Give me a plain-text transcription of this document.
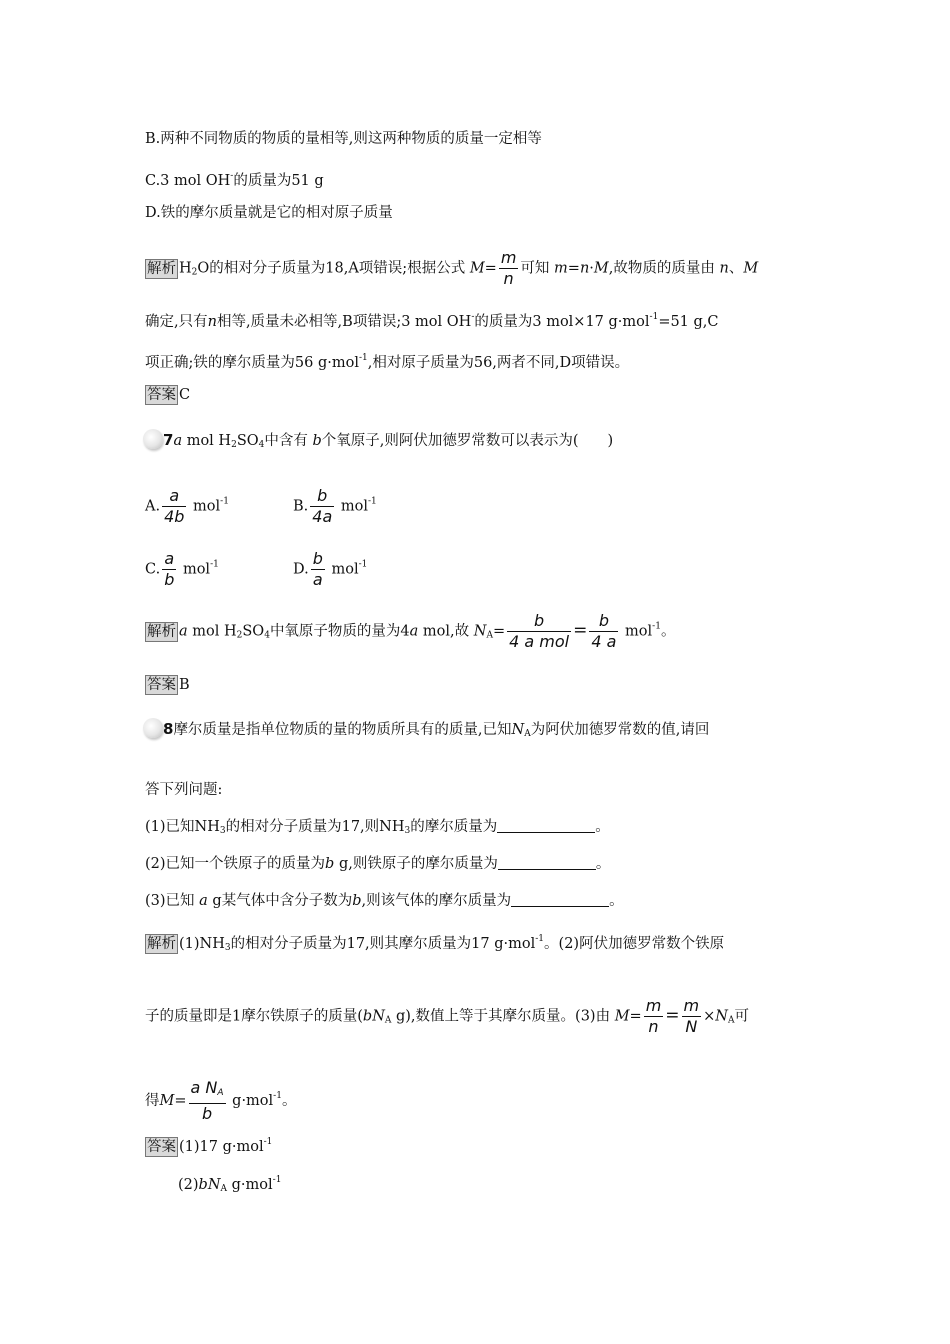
B.两种不同物质的物质的量相等,则这两种物质的质量一定相等
C.3 mol OH-的质量为51 g
D.铁的摩尔质量就是它的相对原子质量
解析 $H_2O$的相对分子质量为18,A项错误;根据公式 $M= \frac{m}{n}$ 可知 m=n·M,故物质的质量由 n、M
确定,只有n相等,质量未必相等,B项错误;3 mol OH-的质量为3 mol×17 g·mol$^{-1}$=51 g,C
项正确;铁的摩尔质量为56 g·mol$^{-1}$,相对原子质量为56,两者不同,D项错误。
答案 C
7a mol $H_2SO_4$中含有 b个氧原子,则阿伏加德罗常数可以表示为(　　)
A. $\frac{a}{4b} mol^{-1}$	B. $\frac{b}{4a} mol^{-1}$
C. $\frac{a}{b} mol^{-1}$	D. $\frac{b}{a} mol^{-1}$
解析 a mol $H_2SO_4$中氧原子物质的量为4a mol,故 $N_A= \frac{b}{\text{4 a mol}} = \frac{b}{4 a} mol^{-1}$。
答案 B
8摩尔质量是指单位物质的量的物质所具有的质量,已知$N_A$为阿伏加德罗常数的值,请回
答下列问题:
(1)已知$NH_3$的相对分子质量为17,则$NH_3$的摩尔质量为	。
(2)已知一个铁原子的质量为b g,则铁原子的摩尔质量为	。
(3)已知 a g某气体中含分子数为b,则该气体的摩尔质量为	。
解析 $(1)NH_3$的相对分子质量为17,则其摩尔质量为17 g·mol$^{-1}$。(2)阿伏加德罗常数个铁原
子的质量即是1摩尔铁原子的质量($bN_A$ g),数值上等于其摩尔质量。(3)由 $M= \frac{m}{n} = \frac{m}{N} \times N_A$可
得$M= \frac{a N_A}{b} g\cdot mol^{-1}$。
答案 (1)17 g·mol$^{-1}$
$(2)bN_A$ g·mol$^{-1}$
